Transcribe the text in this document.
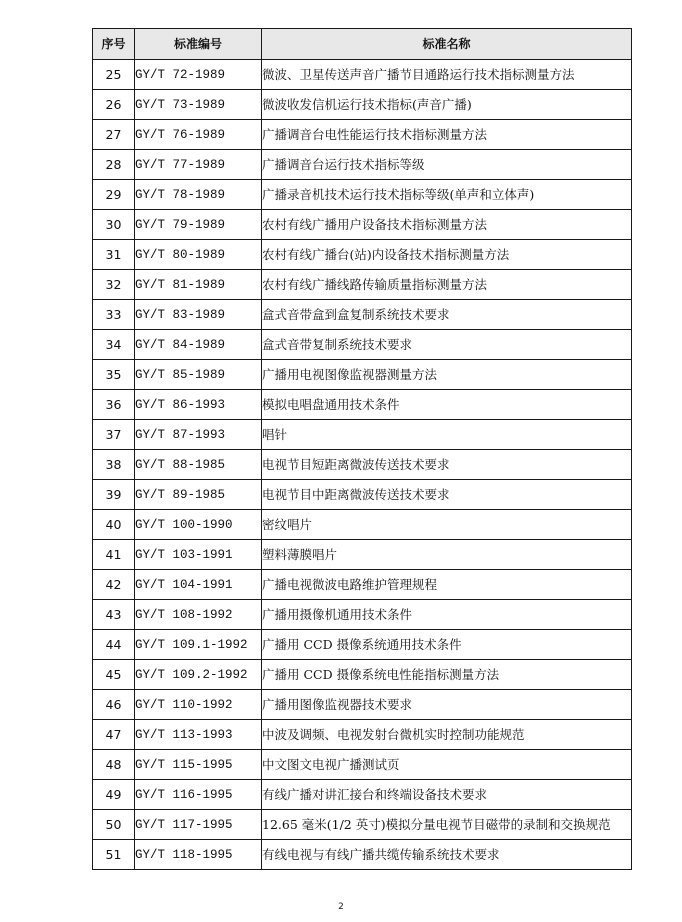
序号	标准编号	标准名称
25	GY/T 72-1989	微波、卫星传送声音广播节目通路运行技术指标测量方法
26	GY/T 73-1989	微波收发信机运行技术指标(声音广播)
27	GY/T 76-1989	广播调音台电性能运行技术指标测量方法
28	GY/T 77-1989	广播调音台运行技术指标等级
29	GY/T 78-1989	广播录音机技术运行技术指标等级(单声和立体声)
30	GY/T 79-1989	农村有线广播用户设备技术指标测量方法
31	GY/T 80-1989	农村有线广播台(站)内设备技术指标测量方法
32	GY/T 81-1989	农村有线广播线路传输质量指标测量方法
33	GY/T 83-1989	盒式音带盒到盒复制系统技术要求
34	GY/T 84-1989	盒式音带复制系统技术要求
35	GY/T 85-1989	广播用电视图像监视器测量方法
36	GY/T 86-1993	模拟电唱盘通用技术条件
37	GY/T 87-1993	唱针
38	GY/T 88-1985	电视节目短距离微波传送技术要求
39	GY/T 89-1985	电视节目中距离微波传送技术要求
40	GY/T 100-1990	密纹唱片
41	GY/T 103-1991	塑料薄膜唱片
42	GY/T 104-1991	广播电视微波电路维护管理规程
43	GY/T 108-1992	广播用摄像机通用技术条件
44	GY/T 109.1-1992	广播用 CCD 摄像系统通用技术条件
45	GY/T 109.2-1992	广播用 CCD 摄像系统电性能指标测量方法
46	GY/T 110-1992	广播用图像监视器技术要求
47	GY/T 113-1993	中波及调频、电视发射台微机实时控制功能规范
48	GY/T 115-1995	中文图文电视广播测试页
49	GY/T 116-1995	有线广播对讲汇接台和终端设备技术要求
50	GY/T 117-1995	12.65 毫米(1/2 英寸)模拟分量电视节目磁带的录制和交换规范
51	GY/T 118-1995	有线电视与有线广播共缆传输系统技术要求
2
